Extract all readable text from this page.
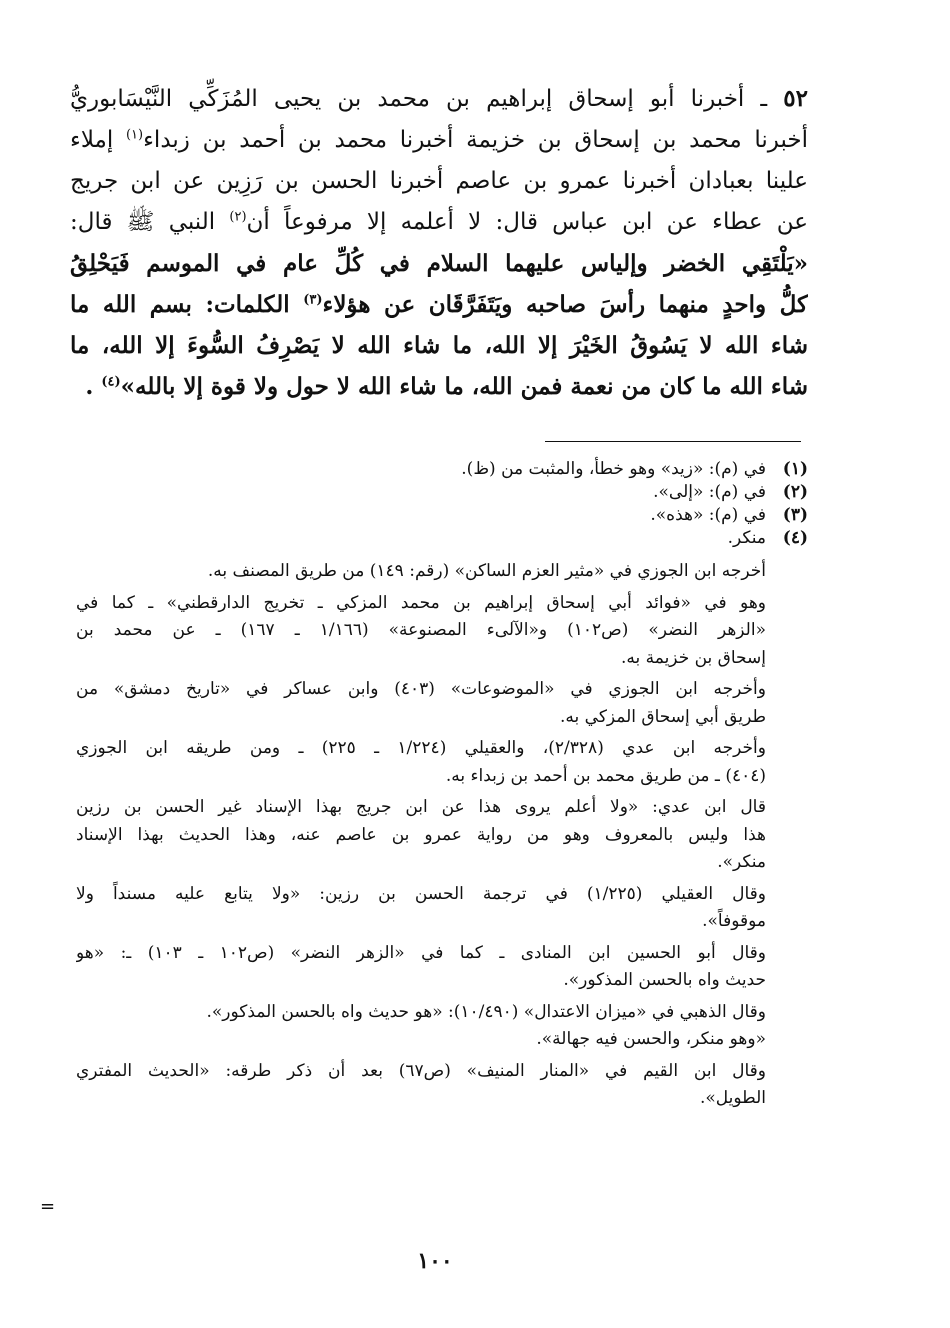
٥٢ ـ أخبرنا أبو إسحاق إبراهيم بن محمد بن يحيى المُزَكِّي النَّيْسَابوريُّ
أخبرنا محمد بن إسحاق بن خزيمة أخبرنا محمد بن أحمد بن زبداء$^{(١)}$ إملاء
علينا بعبادان أخبرنا عمرو بن عاصم أخبرنا الحسن بن رَزِين عن ابن جريج
عن عطاء عن ابن عباس قال: لا أعلمه إلا مرفوعاً أن$^{(٢)}$ النبي ﷺ قال:
«يَلْتَقِي الخضر وإلياس عليهما السلام في كُلِّ عام في الموسم فَيَحْلِقُ
كلُّ واحدٍ منهما رأسَ صاحبه ويَتَفَرَّقَان عن هؤلاء$^{(٣)}$ الكلمات: بسم الله ما
شاء الله لا يَسُوقُ الخَيْرَ إلا الله، ما شاء الله لا يَصْرِفُ السُّوءَ إلا الله، ما
شاء الله ما كان من نعمة فمن الله، ما شاء الله لا حول ولا قوة إلا بالله»$^{(٤)}$ .
(١)
في (م): «زيد» وهو خطأ، والمثبت من (ظ).
(٢)
في (م): «إلى».
(٣)
في (م): «هذه».
(٤)
منكر.
أخرجه ابن الجوزي في «مثير العزم الساكن» (رقم: ١٤٩) من طريق المصنف به.
وهو في «فوائد أبي إسحاق إبراهيم بن محمد المزكي ـ تخريج الدارقطني» ـ كما في
«الزهر النضر» (ص١٠٢) و«الآلىء المصنوعة» (١/١٦٦ ـ ١٦٧) ـ عن محمد بن
إسحاق بن خزيمة به.
وأخرجه ابن الجوزي في «الموضوعات» (٤٠٣) وابن عساكر في «تاريخ دمشق» من
طريق أبي إسحاق المزكي به.
وأخرجه ابن عدي (٢/٣٢٨)، والعقيلي (١/٢٢٤ ـ ٢٢٥) ـ ومن طريقه ابن الجوزي
(٤٠٤) ـ من طريق محمد بن أحمد بن زبداء به.
قال ابن عدي: «ولا أعلم يروى هذا عن ابن جريج بهذا الإسناد غير الحسن بن رزين
هذا وليس بالمعروف وهو من رواية عمرو بن عاصم عنه، وهذا الحديث بهذا الإسناد
منكر».
وقال العقيلي (١/٢٢٥) في ترجمة الحسن بن رزين: «ولا يتابع عليه مسنداً ولا
موقوفاً».
وقال أبو الحسين ابن المنادى ـ كما في «الزهر النضر» (ص١٠٢ ـ ١٠٣) ـ: «هو
حديث واه بالحسن المذكور».
وقال الذهبي في «ميزان الاعتدال» (١٠/٤٩٠): «هو حديث واه بالحسن المذكور».
«وهو منكر، والحسن فيه جهالة».
وقال ابن القيم في «المنار المنيف» (ص٦٧) بعد أن ذكر طرقه: «الحديث المفتري
الطويل».
=
١٠٠
